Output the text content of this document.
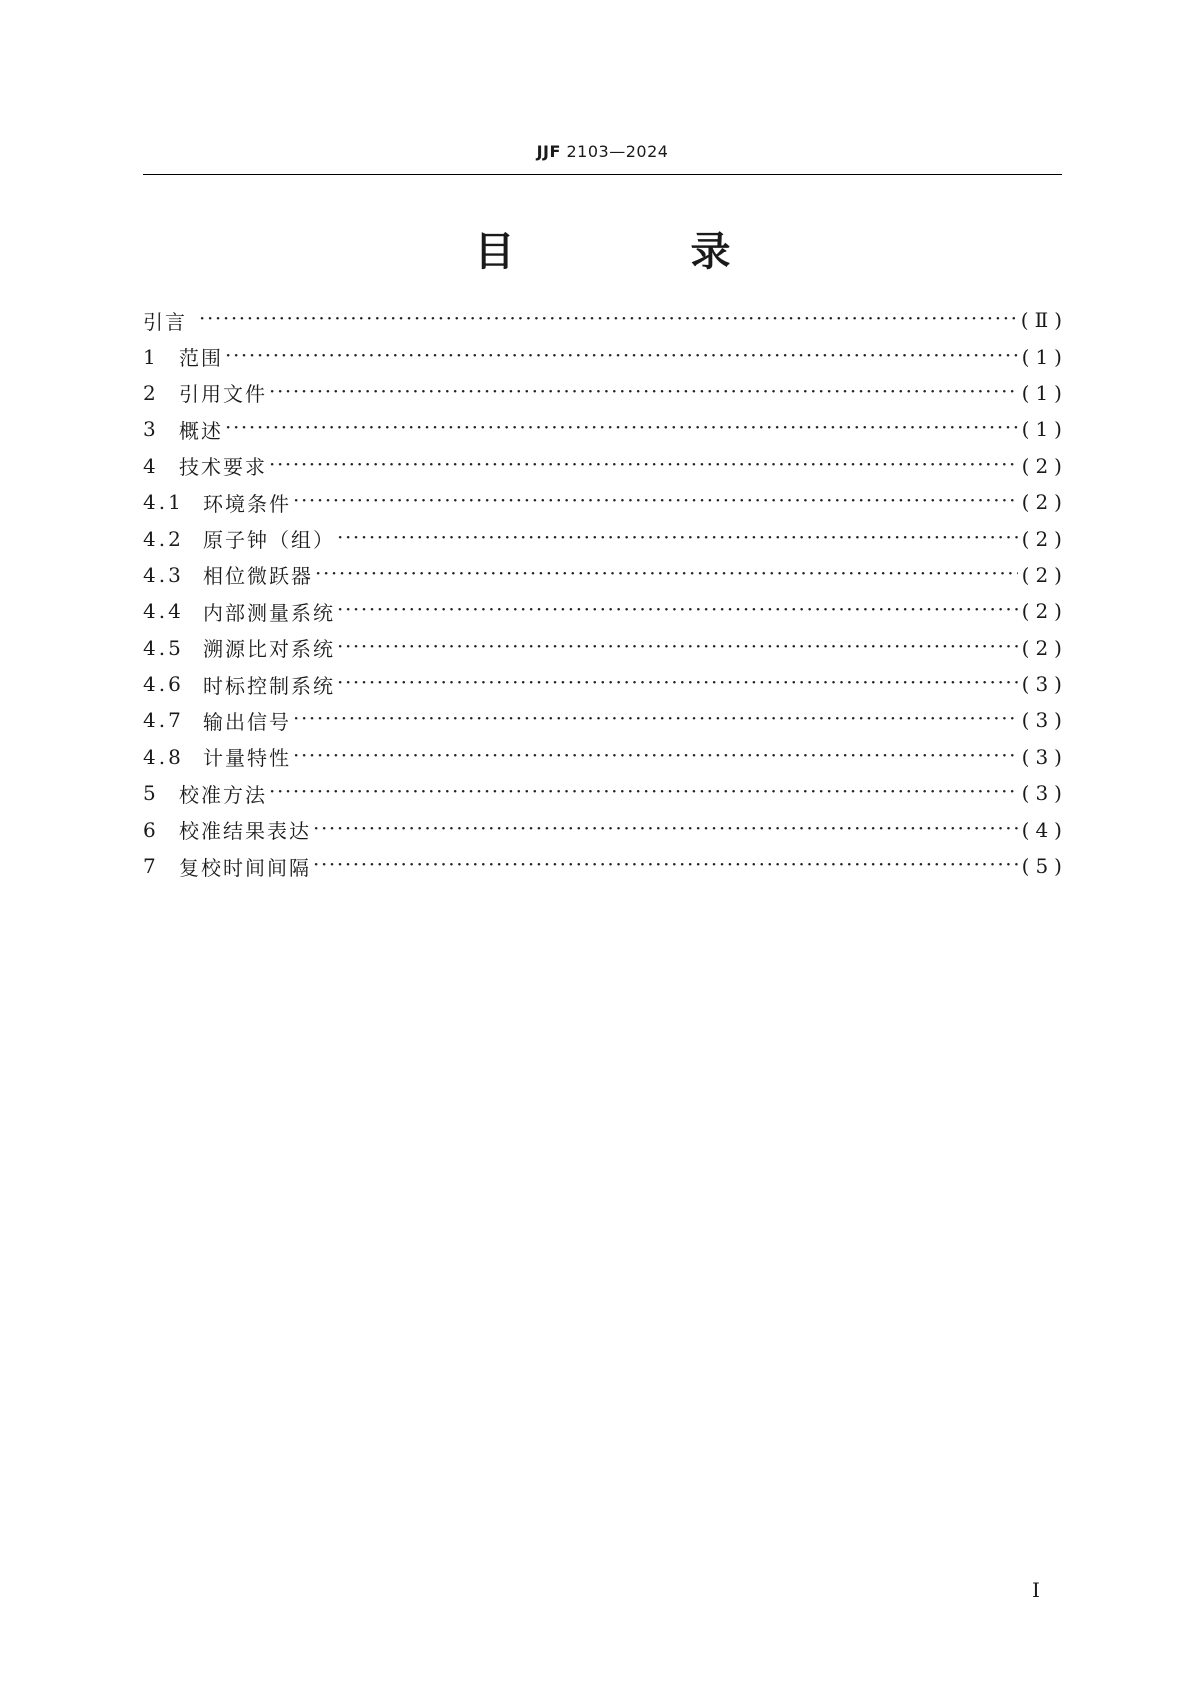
JJF 2103—2024
目　录
引言 ·····	(Ⅱ)
1	范围 ·····	(1)
2	引用文件 ·····	(1)
3	概述 ·····	(1)
4	技术要求 ·····	(2)
4.1 环境条件 ·····	(2)
4.2 原子钟（组） ·····	(2)
4.3 相位微跃器 ·····	(2)
4.4 内部测量系统 ·····	(2)
4.5 溯源比对系统 ·····	(2)
4.6 时标控制系统 ·····	(3)
4.7 输出信号 ·····	(3)
4.8 计量特性 ·····	(3)
5	校准方法 ·····	(3)
6	校准结果表达 ·····	(4)
7	复校时间间隔 ·····	(5)
Ⅰ
